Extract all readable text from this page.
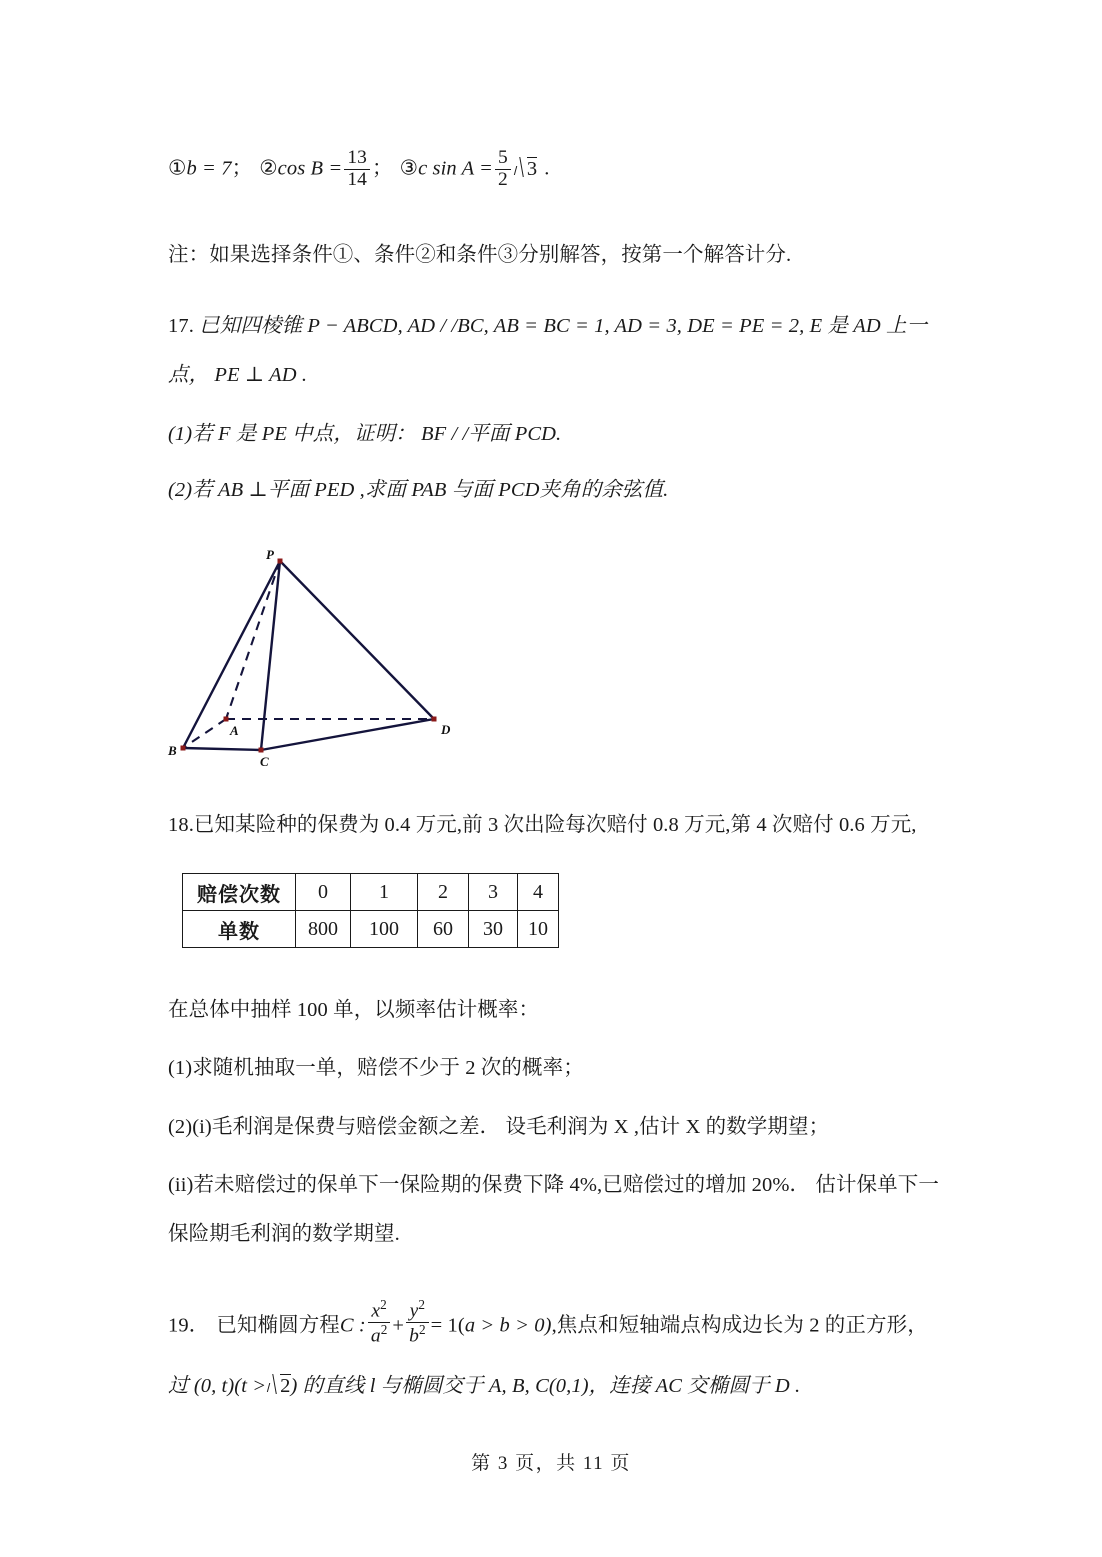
①b = 7； ②cos $B = \frac{13}{14}$ ； ③c $\sin A = \frac{5}{2} 3$ .
注：如果选择条件①、条件②和条件③分别解答，按第一个解答计分.
17. 已知四棱锥 P − ABCD, AD / /BC, AB = BC = 1, AD = 3, DE = PE = 2, E 是 AD 上一
点， PE ⊥ AD .
(1)若 F 是 PE 中点，证明： BF / /平面 PCD.
(2)若 AB ⊥平面 PED ,求面 PAB 与面 PCD夹角的余弦值.
P
B
C
A	D
18.已知某险种的保费为 0.4 万元,前 3 次出险每次赔付 0.8 万元,第 4 次赔付 0.6 万元,
赔偿次数	0	1	2	3	4
单数	800	100	60	30	10
在总体中抽样 100 单，以频率估计概率：
(1)求随机抽取一单，赔偿不少于 2 次的概率；
(2)(i)毛利润是保费与赔偿金额之差． 设毛利润为 X ,估计 X 的数学期望；
(ii)若未赔偿过的保单下一保险期的保费下降 4%,已赔偿过的增加 20%． 估计保单下一
保险期毛利润的数学期望.
19． 已知椭圆方程C : $\frac{x^2}{a^2} + \frac{y^2}{b^2} = 1(a > b > 0)$,焦点和短轴端点构成边长为 2 的正方形，
过 (0, t)(t > 2 ) 的直线 l 与椭圆交于 A, B, C(0,1)，连接 AC 交椭圆于 D .
第 3 页，共 11 页
